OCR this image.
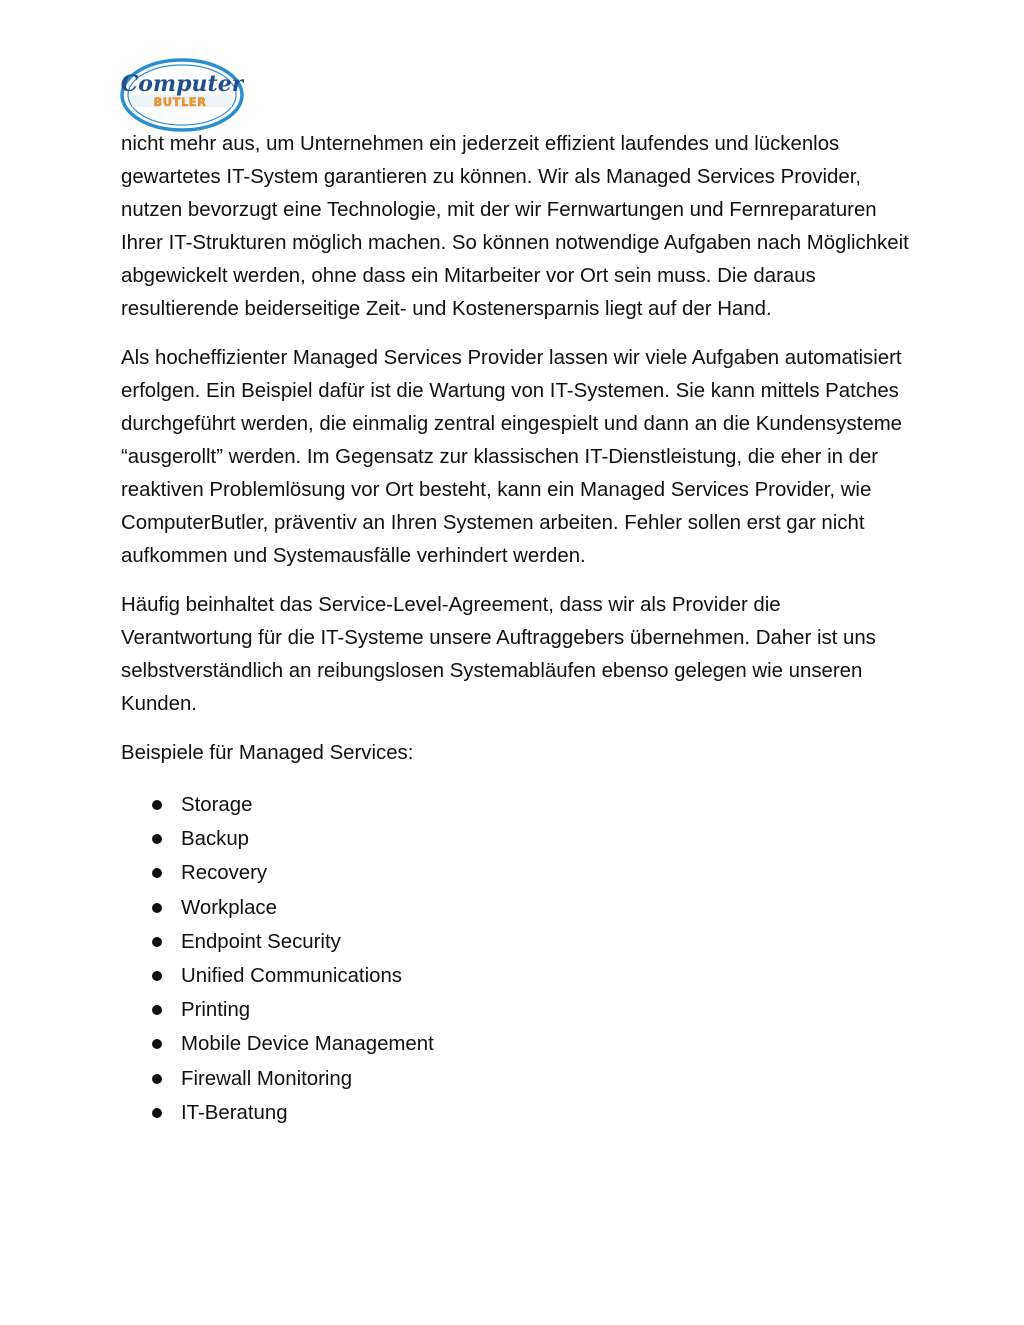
Computer
BUTLER

nicht mehr aus, um Unternehmen ein jederzeit effizient laufendes und lückenlos gewartetes IT-System garantieren zu können. Wir als Managed Services Provider, nutzen bevorzugt eine Technologie, mit der wir Fernwartungen und Fernreparaturen Ihrer IT-Strukturen möglich machen. So können notwendige Aufgaben nach Möglichkeit abgewickelt werden, ohne dass ein Mitarbeiter vor Ort sein muss. Die daraus resultierende beiderseitige Zeit- und Kostenersparnis liegt auf der Hand.

Als hocheffizienter Managed Services Provider lassen wir viele Aufgaben automatisiert erfolgen. Ein Beispiel dafür ist die Wartung von IT-Systemen. Sie kann mittels Patches durchgeführt werden, die einmalig zentral eingespielt und dann an die Kundensysteme “ausgerollt” werden. Im Gegensatz zur klassischen IT-Dienstleistung, die eher in der reaktiven Problemlösung vor Ort besteht, kann ein Managed Services Provider, wie ComputerButler, präventiv an Ihren Systemen arbeiten. Fehler sollen erst gar nicht aufkommen und Systemausfälle verhindert werden.

Häufig beinhaltet das Service-Level-Agreement, dass wir als Provider die Verantwortung für die IT-Systeme unsere Auftraggebers übernehmen. Daher ist uns selbstverständlich an reibungslosen Systemabläufen ebenso gelegen wie unseren Kunden.

Beispiele für Managed Services:

Storage
Backup
Recovery
Workplace
Endpoint Security
Unified Communications
Printing
Mobile Device Management
Firewall Monitoring
IT-Beratung
